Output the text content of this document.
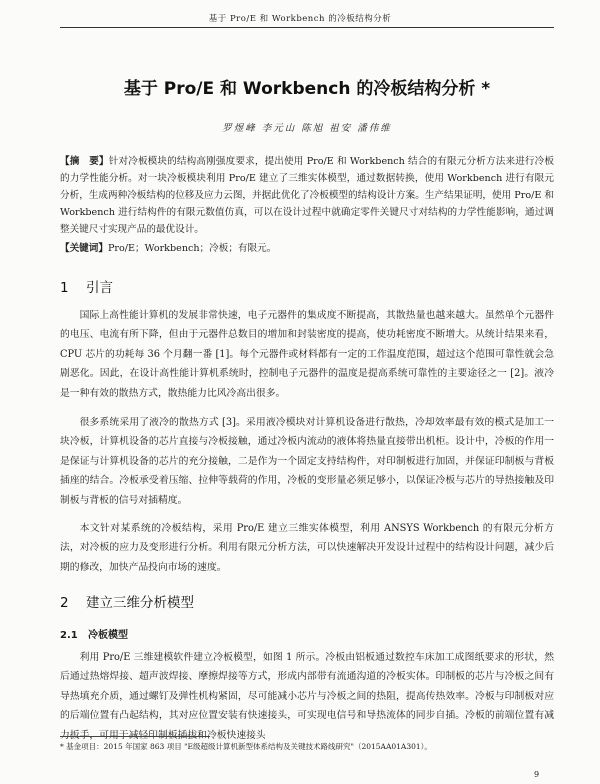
基于 Pro/E 和 Workbench 的冷板结构分析
基于 Pro/E 和 Workbench 的冷板结构分析 *
罗煜峰 李元山 陈旭 祖安 潘伟维
【摘　要】针对冷板模块的结构高刚强度要求，提出使用 Pro/E 和 Workbench 结合的有限元分析方法来进行冷板的力学性能分析。对一块冷板模块利用 Pro/E 建立了三维实体模型，通过数据转换，使用 Workbench 进行有限元分析，生成两种冷板结构的位移及应力云图，并据此优化了冷板模型的结构设计方案。生产结果证明，使用 Pro/E 和 Workbench 进行结构件的有限元数值仿真，可以在设计过程中就确定零件关键尺寸对结构的力学性能影响，通过调整关键尺寸实现产品的最优设计。
【关键词】Pro/E；Workbench；冷板；有限元。
1 引言
国际上高性能计算机的发展非常快速，电子元器件的集成度不断提高，其散热量也越来越大。虽然单个元器件的电压、电流有所下降，但由于元器件总数目的增加和封装密度的提高，使功耗密度不断增大。从统计结果来看，CPU 芯片的功耗每 36 个月翻一番 [1]。每个元器件或材料都有一定的工作温度范围，超过这个范围可靠性就会急剧恶化。因此，在设计高性能计算机系统时，控制电子元器件的温度是提高系统可靠性的主要途径之一 [2]。液冷是一种有效的散热方式，散热能力比风冷高出很多。
很多系统采用了液冷的散热方式 [3]。采用液冷模块对计算机设备进行散热，冷却效率最有效的模式是加工一块冷板，计算机设备的芯片直接与冷板接触，通过冷板内流动的液体将热量直接带出机柜。设计中，冷板的作用一是保证与计算机设备的芯片的充分接触，二是作为一个固定支持结构件，对印制板进行加固，并保证印制板与背板插座的结合。冷板承受着压缩、拉伸等载荷的作用，冷板的变形量必须足够小，以保证冷板与芯片的导热接触及印制板与背板的信号对插精度。
本文针对某系统的冷板结构，采用 Pro/E 建立三维实体模型，利用 ANSYS Workbench 的有限元分析方法，对冷板的应力及变形进行分析。利用有限元分析方法，可以快速解决开发设计过程中的结构设计问题，减少后期的修改，加快产品投向市场的速度。
2 建立三维分析模型
2.1 冷板模型
利用 Pro/E 三维建模软件建立冷板模型，如图 1 所示。冷板由铝板通过数控车床加工成图纸要求的形状，然后通过热熔焊接、超声波焊接、摩擦焊接等方式，形成内部带有流通沟道的冷板实体。印制板的芯片与冷板之间有导热填充介质，通过螺钉及弹性机构紧固，尽可能减小芯片与冷板之间的热阻，提高传热效率。冷板与印制板对应的后端位置有凸起结构，其对应位置安装有快速接头，可实现电信号和导热流体的同步自插。冷板的前端位置有减力扳手，可用于减轻印制板插拔和冷板快速接头
* 基金项目：2015 年国家 863 项目 "E级超级计算机新型体系结构及关键技术路线研究"（2015AA01A301）。
9
